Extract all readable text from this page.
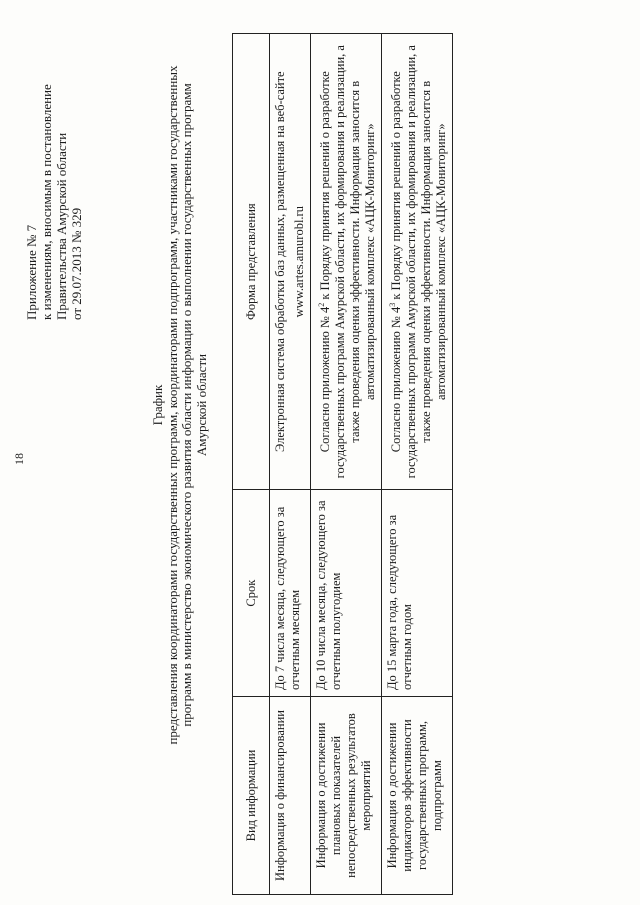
18
Приложение № 7 к изменениям, вносимым в постановление Правительства Амурской области от 29.07.2013 № 329
График представления координаторами государственных программ, координаторами подпрограмм, участниками государственных программ в министерство экономического развития области информации о выполнении государственных программ Амурской области
Вид информации	Срок	Форма представления
Информация о финансировании	До 7 числа месяца, следующего за отчетным месяцем	Электронная система обработки баз данных, размещенная на веб-сайте www.artes.amurobl.ru
Информация о достижении плановых показателей непосредственных результатов мероприятий	До 10 числа месяца, следующего за отчетным полугодием	Согласно приложению № $4^2$ к Порядку принятия решений о разработке государственных программ Амурской области, их формирования и реализации, а также проведения оценки эффективности. Информация заносится в автоматизированный комплекс «АЦК-Мониторинг»
Информация о достижении индикаторов эффективности государственных программ, подпрограмм	До 15 марта года, следующего за отчетным годом	Согласно приложению № $4^3$ к Порядку принятия решений о разработке государственных программ Амурской области, их формирования и реализации, а также проведения оценки эффективности. Информация заносится в автоматизированный комплекс «АЦК-Мониторинг»
